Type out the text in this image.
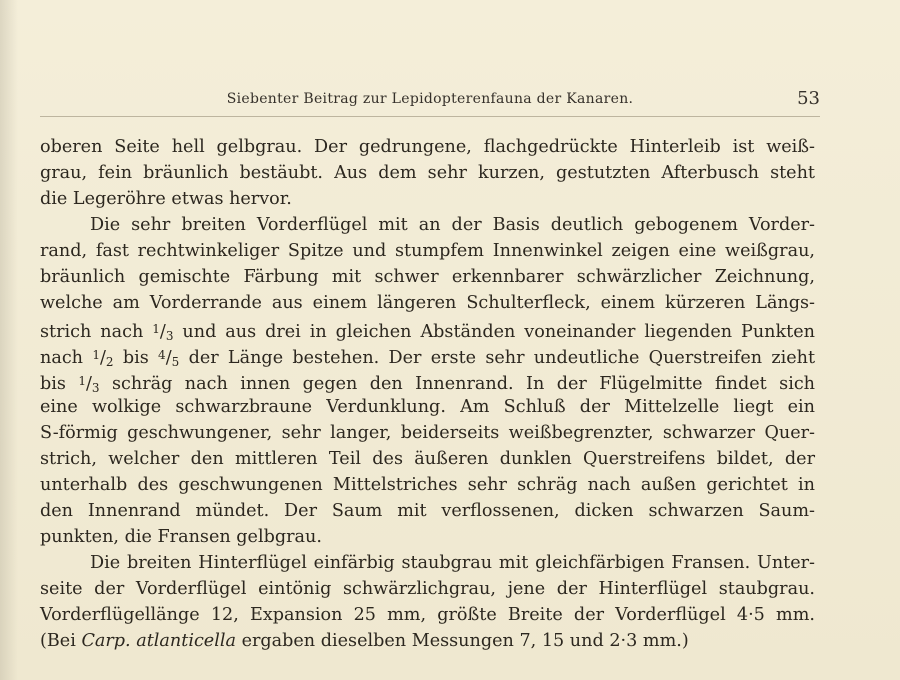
Siebenter Beitrag zur Lepidopterenfauna der Kanaren.	53
oberen Seite hell gelbgrau. Der gedrungene, flachgedrückte Hinterleib ist weiß-
grau, fein bräunlich bestäubt. Aus dem sehr kurzen, gestutzten Afterbusch steht
die Legeröhre etwas hervor.
Die sehr breiten Vorderflügel mit an der Basis deutlich gebogenem Vorder-
rand, fast rechtwinkeliger Spitze und stumpfem Innenwinkel zeigen eine weißgrau,
bräunlich gemischte Färbung mit schwer erkennbarer schwärzlicher Zeichnung,
welche am Vorderrande aus einem längeren Schulterfleck, einem kürzeren Längs-
strich nach $^1$/3 und aus drei in gleichen Abständen voneinander liegenden Punkten
nach $^1$/2 bis $^4$/5 der Länge bestehen. Der erste sehr undeutliche Querstreifen zieht
bis $^1$/3 schräg nach innen gegen den Innenrand. In der Flügelmitte findet sich
eine wolkige schwarzbraune Verdunklung. Am Schluß der Mittelzelle liegt ein
S-förmig geschwungener, sehr langer, beiderseits weißbegrenzter, schwarzer Quer-
strich, welcher den mittleren Teil des äußeren dunklen Querstreifens bildet, der
unterhalb des geschwungenen Mittelstriches sehr schräg nach außen gerichtet in
den Innenrand mündet. Der Saum mit verflossenen, dicken schwarzen Saum-
punkten, die Fransen gelbgrau.
Die breiten Hinterflügel einfärbig staubgrau mit gleichfärbigen Fransen. Unter-
seite der Vorderflügel eintönig schwärzlichgrau, jene der Hinterflügel staubgrau.
Vorderflügellänge 12, Expansion 25 mm, größte Breite der Vorderflügel 4·5 mm.
(Bei Carp. atlanticella ergaben dieselben Messungen 7, 15 und 2·3 mm.)
